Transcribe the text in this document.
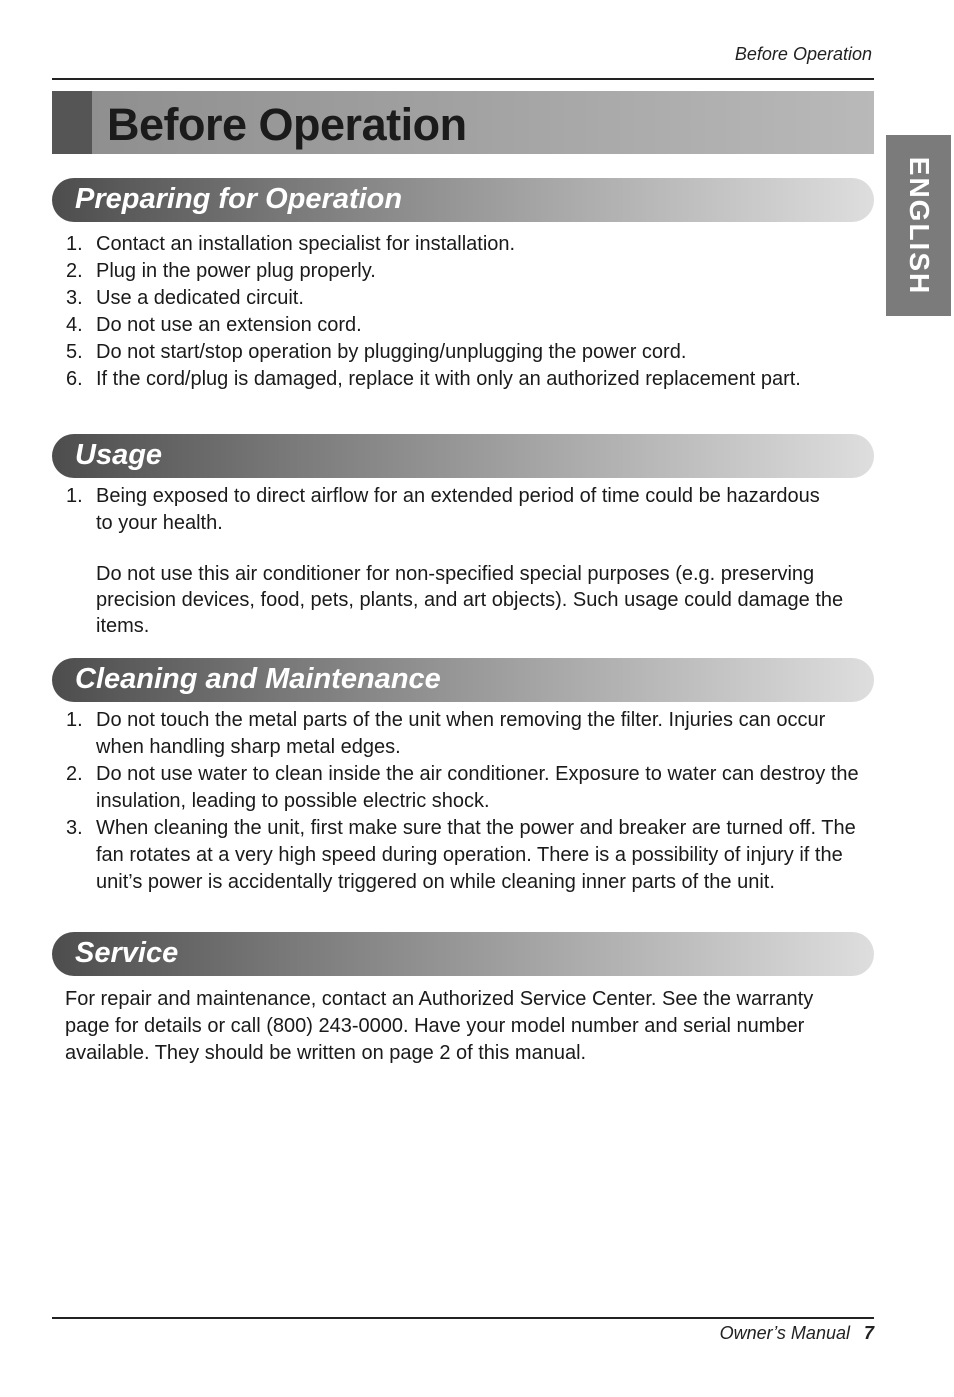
Before Operation
Before Operation
ENGLISH
Preparing for Operation
1. Contact an installation specialist for installation.
2. Plug in the power plug properly.
3. Use a dedicated circuit.
4. Do not use an extension cord.
5. Do not start/stop operation by plugging/unplugging the power cord.
6. If the cord/plug is damaged, replace it with only an authorized replacement part.
Usage
1. Being exposed to direct airflow for an extended period of time could be hazardous to your health.

Do not use this air conditioner for non-specified special purposes (e.g. preserving precision devices, food, pets, plants, and art objects). Such usage could damage the items.

Cleaning and Maintenance
1. Do not touch the metal parts of the unit when removing the filter. Injuries can occur when handling sharp metal edges.
2. Do not use water to clean inside the air conditioner. Exposure to water can destroy the insulation, leading to possible electric shock.
3. When cleaning the unit, first make sure that the power and breaker are turned off. The fan rotates at a very high speed during operation. There is a possibility of injury if the unit’s power is accidentally triggered on while cleaning inner parts of the unit.
Service

For repair and maintenance, contact an Authorized Service Center. See the warranty page for details or call (800) 243-0000. Have your model number and serial number available. They should be written on page 2 of this manual.

Owner’s Manual 7
